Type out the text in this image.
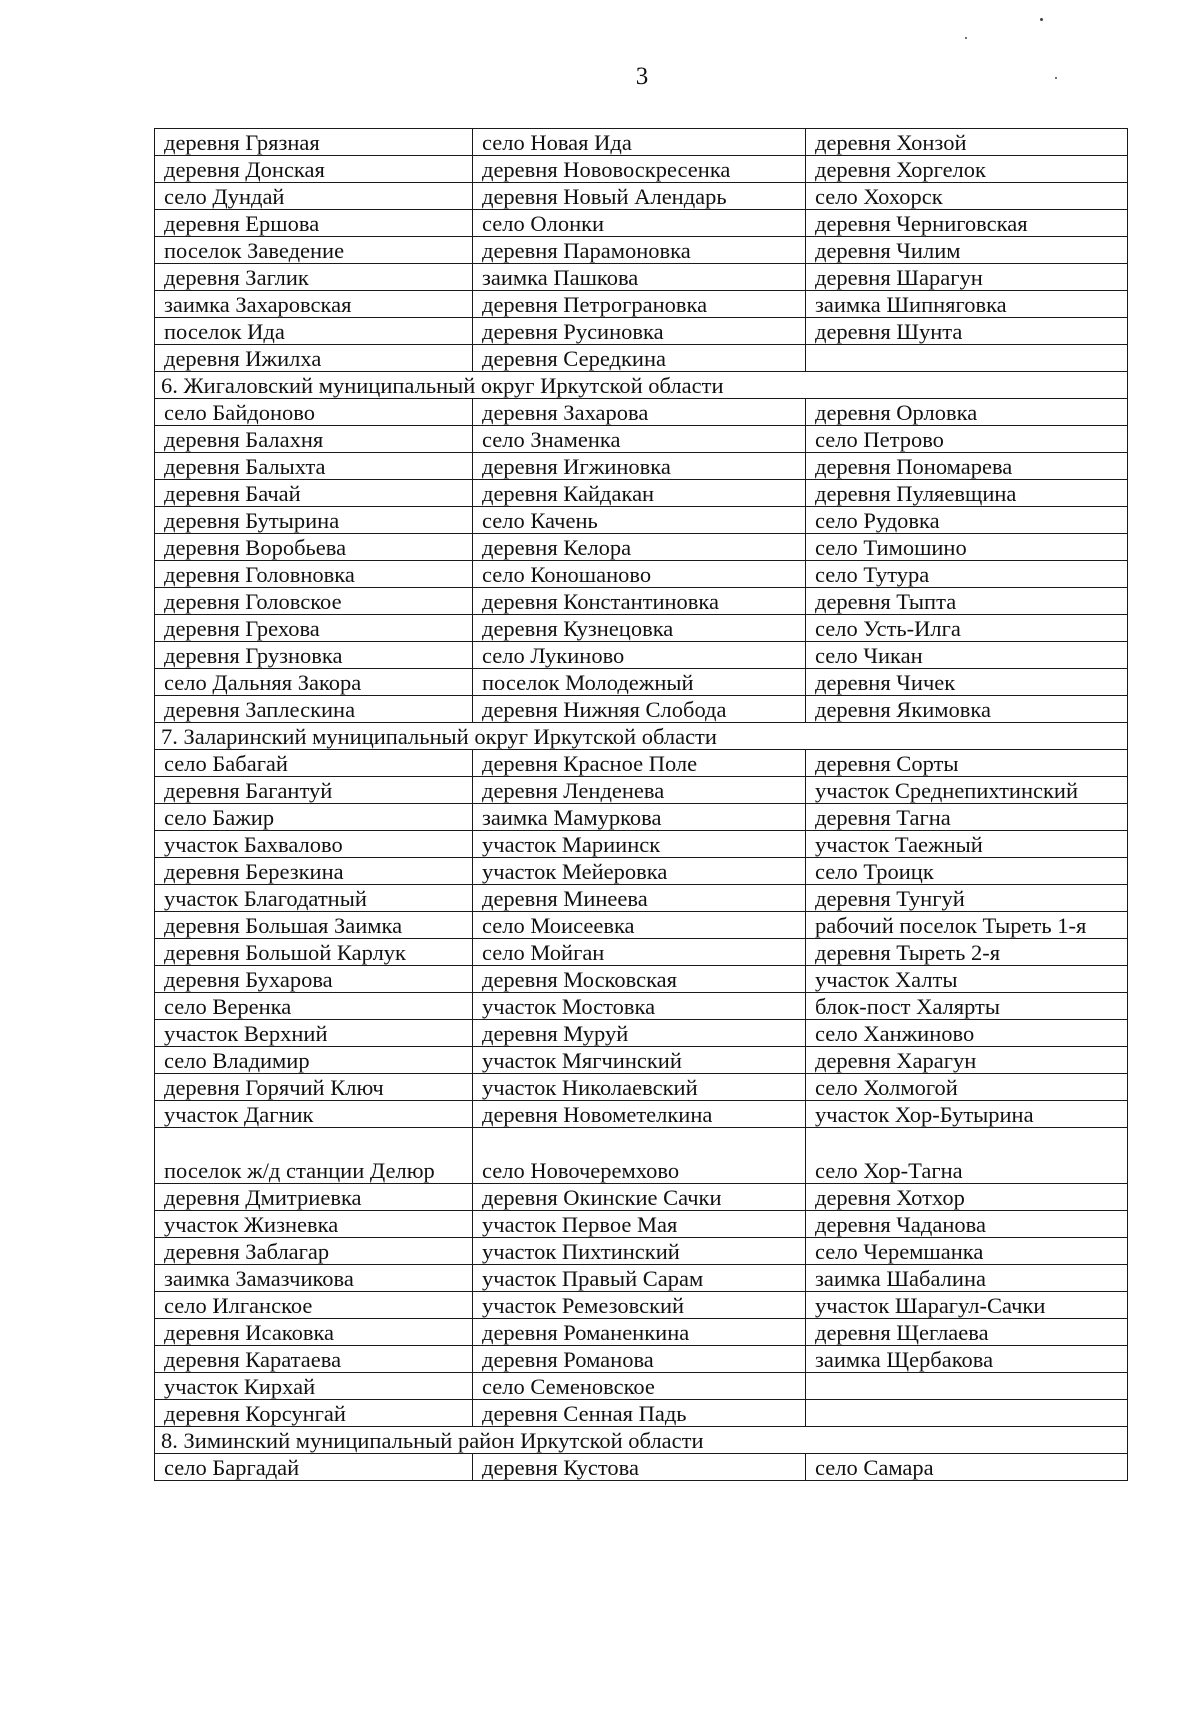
3
деревня Грязная	село Новая Ида	деревня Хонзой
деревня Донская	деревня Нововоскресенка	деревня Хоргелок
село Дундай	деревня Новый Алендарь	село Хохорск
деревня Ершова	село Олонки	деревня Черниговская
поселок Заведение	деревня Парамоновка	деревня Чилим
деревня Заглик	заимка Пашкова	деревня Шарагун
заимка Захаровская	деревня Петрограновка	заимка Шипняговка
поселок Ида	деревня Русиновка	деревня Шунта
деревня Ижилха	деревня Середкина	
6. Жигаловский муниципальный округ Иркутской области		
село Байдоново	деревня Захарова	деревня Орловка
деревня Балахня	село Знаменка	село Петрово
деревня Балыхта	деревня Игжиновка	деревня Пономарева
деревня Бачай	деревня Кайдакан	деревня Пуляевщина
деревня Бутырина	село Качень	село Рудовка
деревня Воробьева	деревня Келора	село Тимошино
деревня Головновка	село Коношаново	село Тутура
деревня Головское	деревня Константиновка	деревня Тыпта
деревня Грехова	деревня Кузнецовка	село Усть-Илга
деревня Грузновка	село Лукиново	село Чикан
село Дальняя Закора	поселок Молодежный	деревня Чичек
деревня Заплескина	деревня Нижняя Слобода	деревня Якимовка
7. Заларинский муниципальный округ Иркутской области		
село Бабагай	деревня Красное Поле	деревня Сорты
деревня Багантуй	деревня Ленденева	участок Среднепихтинский
село Бажир	заимка Мамуркова	деревня Тагна
участок Бахвалово	участок Мариинск	участок Таежный
деревня Березкина	участок Мейеровка	село Троицк
участок Благодатный	деревня Минеева	деревня Тунгуй
деревня Большая Заимка	село Моисеевка	рабочий поселок Тыреть 1-я
деревня Большой Карлук	село Мойган	деревня Тыреть 2-я
деревня Бухарова	деревня Московская	участок Халты
село Веренка	участок Мостовка	блок-пост Халярты
участок Верхний	деревня Муруй	село Ханжиново
село Владимир	участок Мягчинский	деревня Харагун
деревня Горячий Ключ	участок Николаевский	село Холмогой
участок Дагник	деревня Новометелкина	участок Хор-Бутырина
поселок ж/д станции Делюр	село Новочеремхово	село Хор-Тагна
деревня Дмитриевка	деревня Окинские Сачки	деревня Хотхор
участок Жизневка	участок Первое Мая	деревня Чаданова
деревня Заблагар	участок Пихтинский	село Черемшанка
заимка Замазчикова	участок Правый Сарам	заимка Шабалина
село Илганское	участок Ремезовский	участок Шарагул-Сачки
деревня Исаковка	деревня Романенкина	деревня Щеглаева
деревня Каратаева	деревня Романова	заимка Щербакова
участок Кирхай	село Семеновское	
деревня Корсунгай	деревня Сенная Падь	
8. Зиминский муниципальный район Иркутской области		
село Баргадай	деревня Кустова	село Самара
